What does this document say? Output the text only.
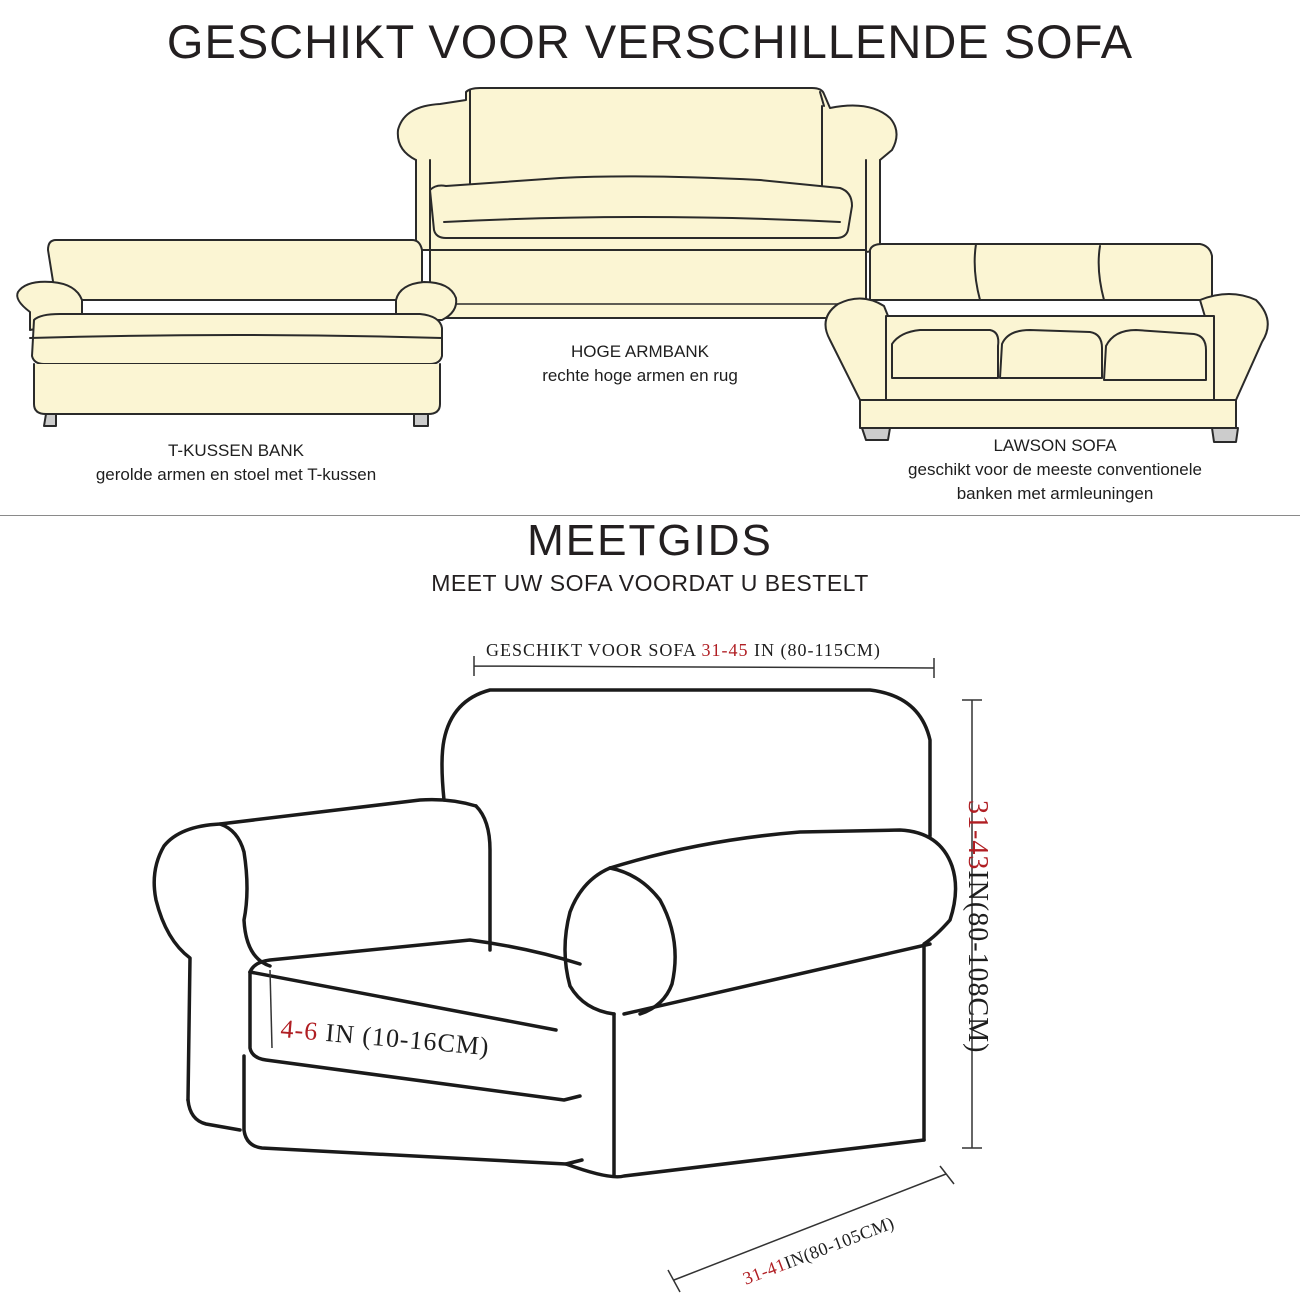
GESCHIKT VOOR VERSCHILLENDE SOFA
T-KUSSEN BANK
gerolde armen en stoel met T-kussen
HOGE ARMBANK
rechte hoge armen en rug
LAWSON SOFA
geschikt voor de meeste conventionele
banken met armleuningen
MEETGIDS
MEET UW SOFA VOORDAT U BESTELT
GESCHIKT VOOR SOFA 31-45 IN (80-115CM)
31-43IN(80-108CM)
4-6 IN (10-16CM)
31-41IN(80-105CM)
